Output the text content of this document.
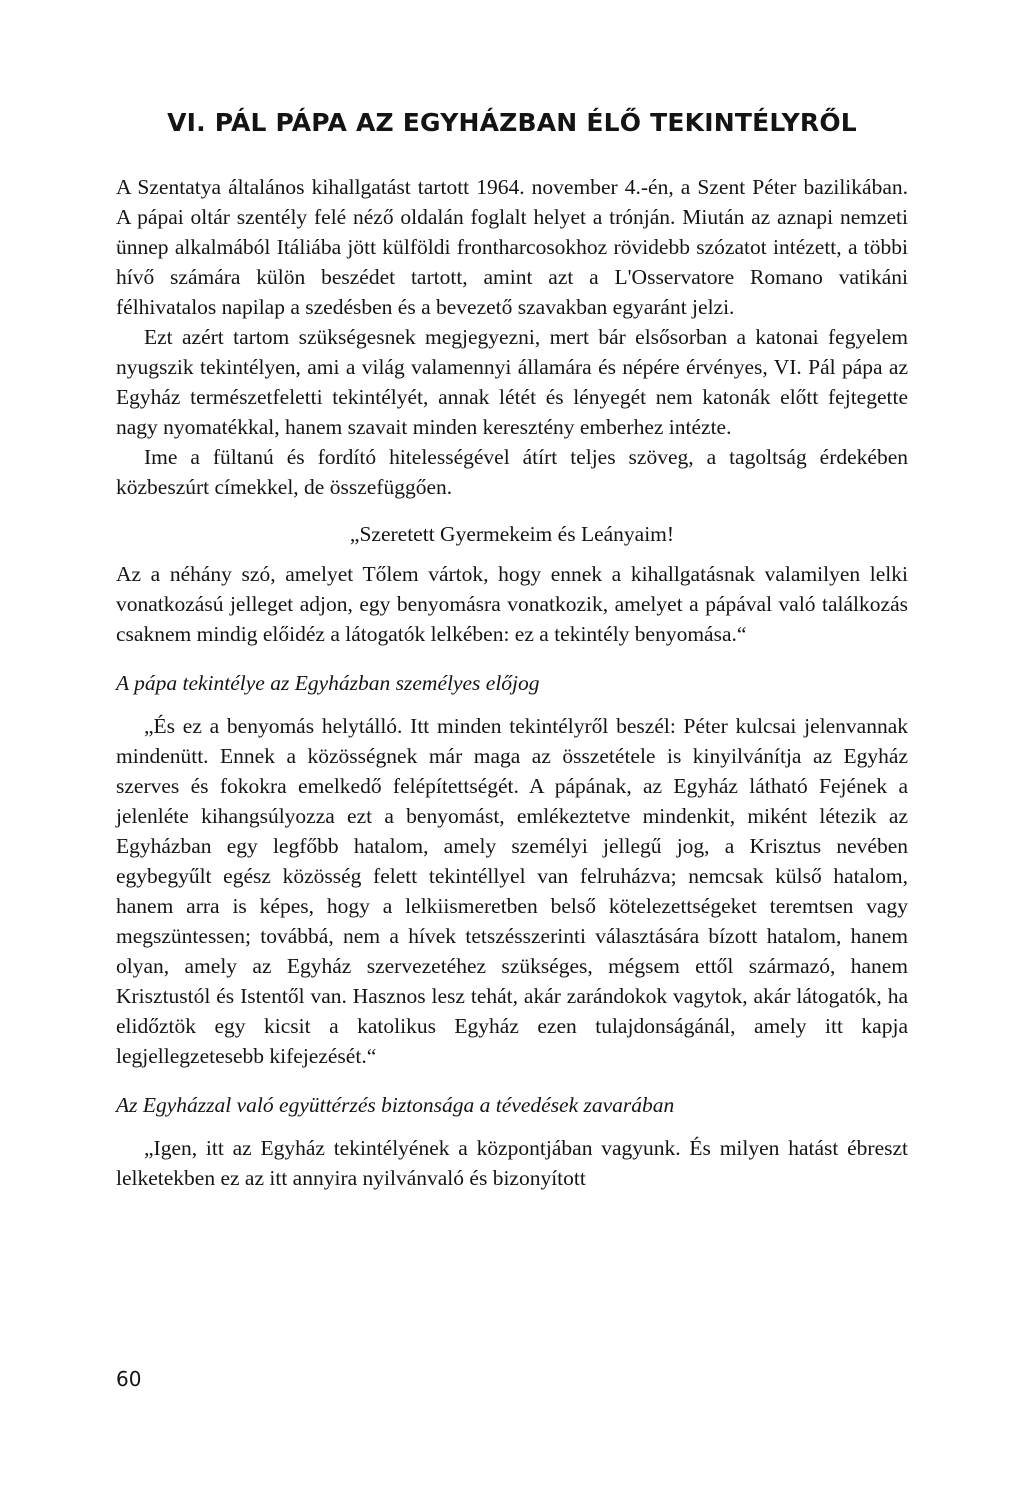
VI. PÁL PÁPA AZ EGYHÁZBAN ÉLŐ TEKINTÉLYRŐL

A Szentatya általános kihallgatást tartott 1964. november 4.-én, a Szent Péter bazilikában. A pápai oltár szentély felé néző oldalán foglalt helyet a trónján. Miután az aznapi nemzeti ünnep alkalmából Itáliába jött külföldi frontharcosokhoz rövidebb szózatot intézett, a többi hívő számára külön beszédet tartott, amint azt a L'Osservatore Romano vatikáni félhivatalos napilap a szedésben és a bevezető szavakban egyaránt jelzi.

Ezt azért tartom szükségesnek megjegyezni, mert bár elsősorban a katonai fegyelem nyugszik tekintélyen, ami a világ valamennyi államára és népére érvényes, VI. Pál pápa az Egyház természetfeletti tekintélyét, annak létét és lényegét nem katonák előtt fejtegette nagy nyomatékkal, hanem szavait minden keresztény emberhez intézte.

Ime a fültanú és fordító hitelességével átírt teljes szöveg, a tagoltság érdekében közbeszúrt címekkel, de összefüggően.

„Szeretett Gyermekeim és Leányaim!

Az a néhány szó, amelyet Tőlem vártok, hogy ennek a kihallgatásnak valamilyen lelki vonatkozású jelleget adjon, egy benyomásra vonatkozik, amelyet a pápával való találkozás csaknem mindig előidéz a látogatók lelkében: ez a tekintély benyomása.“

A pápa tekintélye az Egyházban személyes előjog

„És ez a benyomás helytálló. Itt minden tekintélyről beszél: Péter kulcsai jelenvannak mindenütt. Ennek a közösségnek már maga az összetétele is kinyilvánítja az Egyház szerves és fokokra emelkedő felépítettségét. A pápának, az Egyház látható Fejének a jelenléte kihangsúlyozza ezt a benyomást, emlékeztetve mindenkit, miként létezik az Egyházban egy legfőbb hatalom, amely személyi jellegű jog, a Krisztus nevében egybegyűlt egész közösség felett tekintéllyel van felruházva; nemcsak külső hatalom, hanem arra is képes, hogy a lelkiismeretben belső kötelezettségeket teremtsen vagy megszüntessen; továbbá, nem a hívek tetszésszerinti választására bízott hatalom, hanem olyan, amely az Egyház szervezetéhez szükséges, mégsem ettől származó, hanem Krisztustól és Istentől van. Hasznos lesz tehát, akár zarándokok vagytok, akár látogatók, ha elidőztök egy kicsit a katolikus Egyház ezen tulajdonságánál, amely itt kapja legjellegzetesebb kifejezését.“

Az Egyházzal való együttérzés biztonsága a tévedések zavarában

„Igen, itt az Egyház tekintélyének a központjában vagyunk. És milyen hatást ébreszt lelketekben ez az itt annyira nyilvánvaló és bizonyított

60
